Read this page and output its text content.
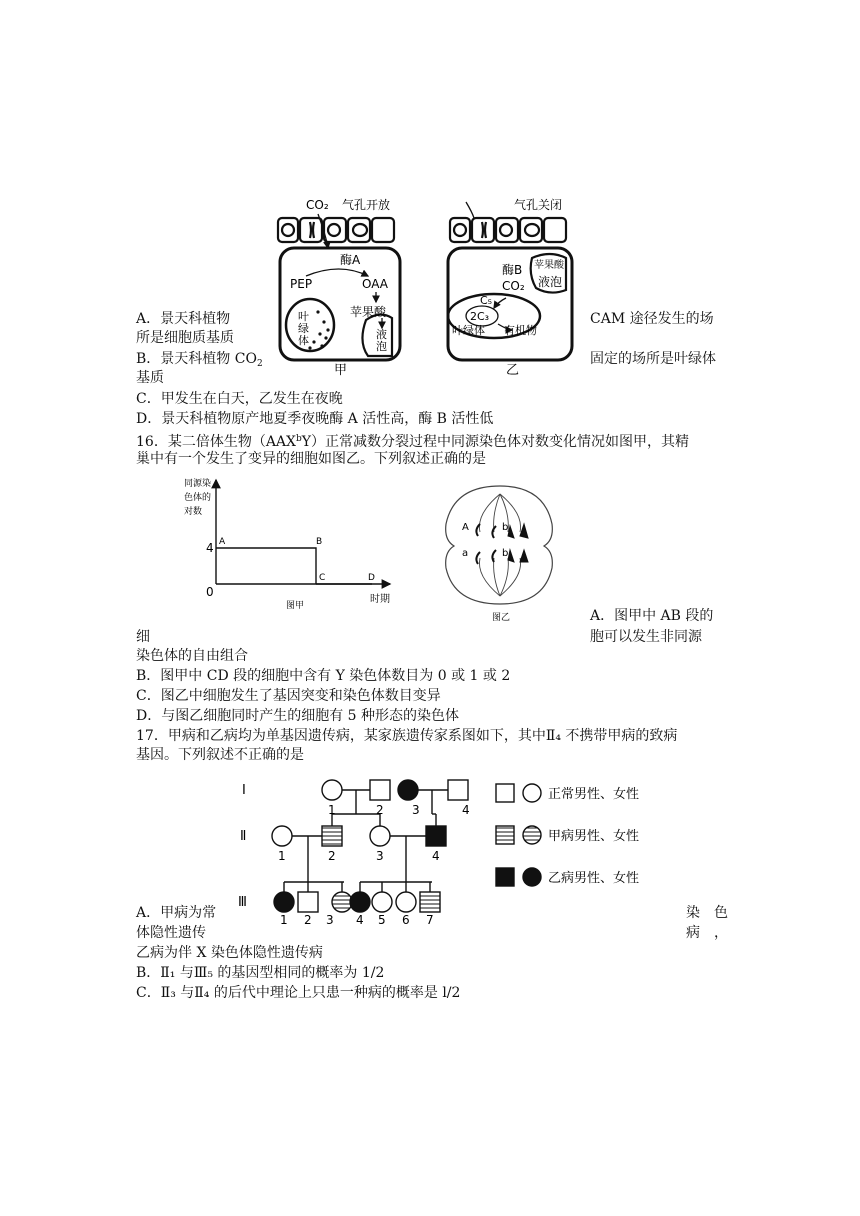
CO₂ 气孔开放
酶A
PEP	OAA
苹果酸
叶绿体	液泡
甲
气孔关闭
酶B 苹果酸
CO₂ 液泡
C₅
2C₃
叶绿体 有机物
乙
A．景天科植物	CAM 途径发生的场
所是细胞质基质
B．景天科植物 $CO_2$	固定的场所是叶绿体
基质
C．甲发生在白天，乙发生在夜晚
D．景天科植物原产地夏季夜晚酶 A 活性高，酶 B 活性低
16．某二倍体生物（AAX$^b$Y）正常减数分裂过程中同源染色体对数变化情况如图甲，其精
巢中有一个发生了变异的细胞如图乙。下列叙述正确的是
同源染 色体的 对数
4
0
A	B
C	D
时期
图甲
A
a
b
b
图乙	A．图甲中 AB 段的
细	胞可以发生非同源
染色体的自由组合
B．图甲中 CD 段的细胞中含有 Y 染色体数目为 0 或 1 或 2
C．图乙中细胞发生了基因突变和染色体数目变异
D．与图乙细胞同时产生的细胞有 5 种形态的染色体
17．甲病和乙病均为单基因遗传病，某家族遗传家系图如下，其中Ⅱ₄ 不携带甲病的致病
基因。下列叙述不正确的是
Ⅰ
Ⅱ
Ⅲ
1	2 3	4
1	2	3	4
1 2 3 4 5 6 7
正常男性、女性
甲病男性、女性
乙病男性、女性
A．甲病为常	染　色
体隐性遗传	病　，
乙病为伴 X 染色体隐性遗传病
B．Ⅱ₁ 与Ⅲ₅ 的基因型相同的概率为 1/2
C．Ⅱ₃ 与Ⅱ₄ 的后代中理论上只患一种病的概率是 l/2
